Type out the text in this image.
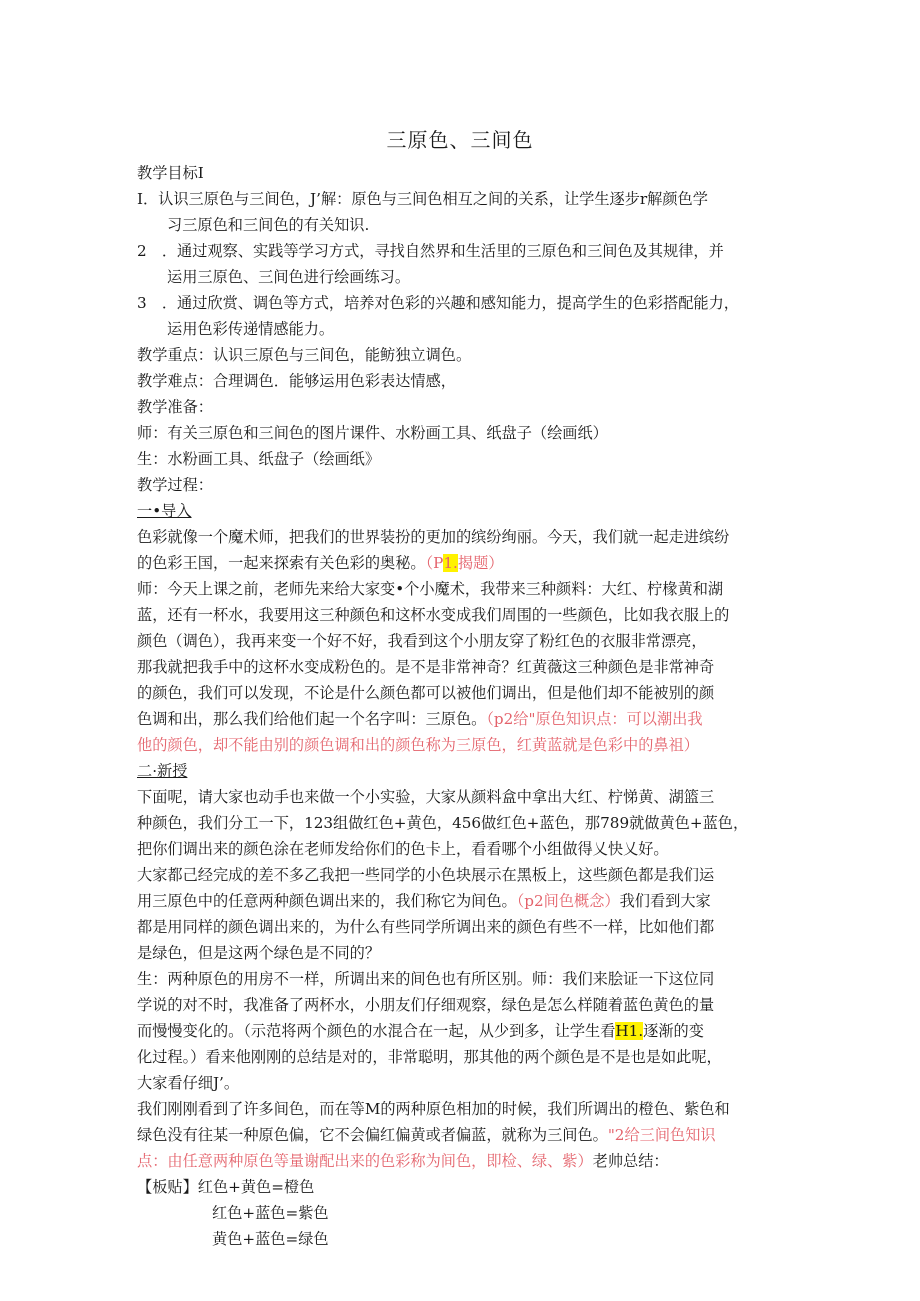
三原色、三间色
教学目标I
I．认识三原色与三间色，J’解：原色与三间色相互之间的关系，让学生逐步r解颜色学
习三原色和三间色的有关知识.
2　．通过观察、实践等学习方式，寻找自然界和生活里的三原色和三间色及其规律，并
运用三原色、三间色进行绘画练习。
3　．通过欣赏、调色等方式，培养对色彩的兴趣和感知能力，提高学生的色彩搭配能力，
运用色彩传递情感能力。
教学重点：认识三原色与三间色，能鲂独立调色。
教学难点：合理调色．能够运用色彩表达情感，
教学准备：
师：有关三原色和三间色的图片课件、水粉画工具、纸盘子（绘画纸）
生：水粉画工具、纸盘子（绘画纸》
教学过程：
一•导入
色彩就像一个魔术师，把我们的世界装扮的更加的缤纷绚丽。今天，我们就一起走进缤纷
的色彩王国，一起来探索有关色彩的奥秘。（P1.揭题）
师：今天上课之前，老师先来给大家变•个小魔术，我带来三种颜料：大红、柠椽黄和湖
蓝，还有一杯水，我要用这三种颜色和这杯水变成我们周围的一些颜色，比如我衣服上的
颜色（调色），我再来变一个好不好，我看到这个小朋友穿了粉红色的衣服非常漂亮，
那我就把我手中的这杯水变成粉色的。是不是非常神奇？红黄薇这三种颜色是非常神奇
的颜色，我们可以发现，不论是什么颜色都可以被他们调出，但是他们却不能被别的颜
色调和出，那么我们给他们起一个名字叫：三原色。（p2给"原色知识点：可以潮出我
他的颜色，却不能由别的颜色调和出的颜色称为三原色，红黄蓝就是色彩中的鼻祖）
二·新授
下面呢，请大家也动手也来做一个小实验，大家从颜料盒中拿出大红、柠悌黄、湖篮三
种颜色，我们分工一下，123组做红色+黄色，456做红色+蓝色，那789就做黄色+蓝色，
把你们调出来的颜色涂在老师发给你们的色卡上，看看哪个小组做得乂快乂好。
大家都己经完成的差不多乙我把一些同学的小色块展示在黑板上，这些颜色都是我们运
用三原色中的任意两种颜色调出来的，我们称它为间色。（p2间色概念）我们看到大家
都是用同样的颜色调出来的，为什么有些同学所调出来的颜色有些不一样，比如他们都
是绿色，但是这两个绿色是不同的？
生：两种原色的用房不一样，所调出来的间色也有所区别。师：我们来脍证一下这位同
学说的对不时，我准备了两杯水，小朋友们仔细观察，绿色是怎么样随着蓝色黄色的量
而慢慢变化的。（示范将两个颜色的水混合在一起，从少到多，让学生看H1.逐渐的变
化过程。）看来他刚刚的总结是对的，非常聪明，那其他的两个颜色是不是也是如此呢，
大家看仔细J’。
我们刚刚看到了许多间色，而在等M的两种原色相加的时候，我们所调出的橙色、紫色和
绿色没有往某一种原色偏，它不会偏红偏黄或者偏蓝，就称为三间色。"2给三间色知识
点：由任意两种原色等量谢配出来的色彩称为间色，即检、绿、紫）老帅总结：
【板贴】红色+黄色=橙色
红色+蓝色=紫色
黄色+蓝色=绿色
